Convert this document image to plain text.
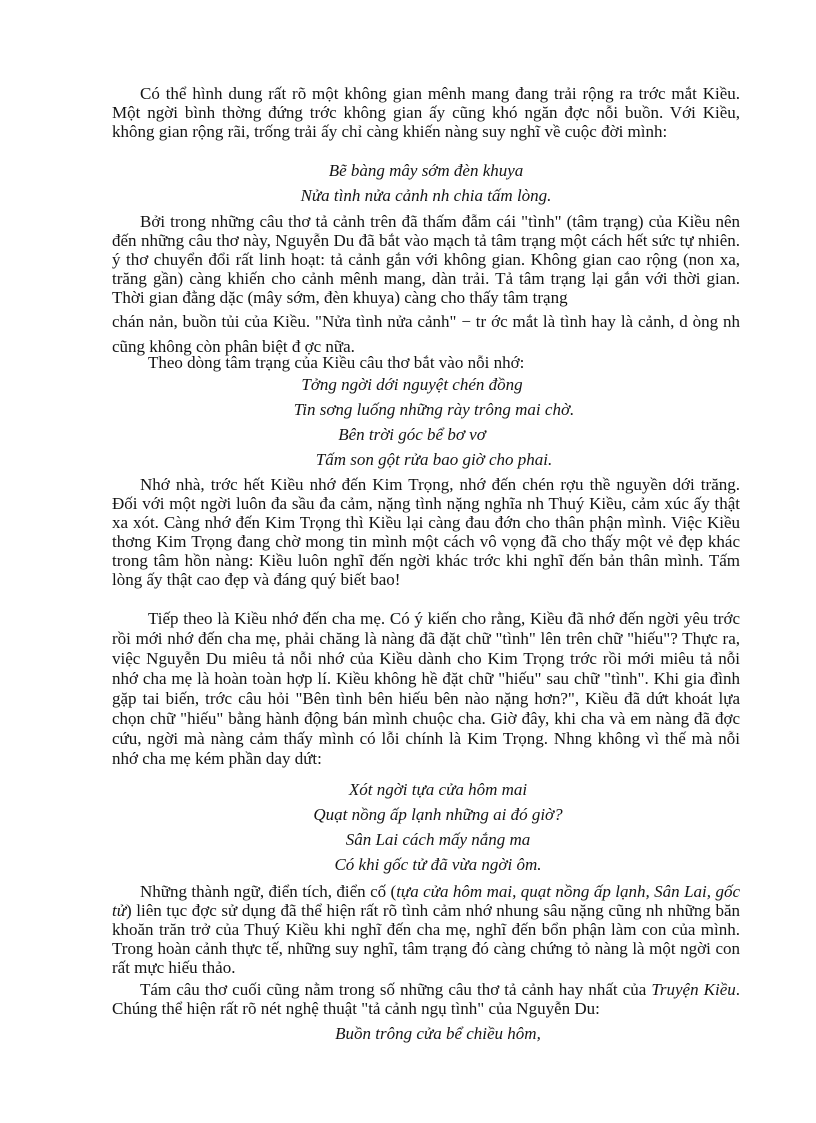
Có thể hình dung rất rõ một không gian mênh mang đang trải rộng ra trớc mắt Kiều. Một ngời bình thờng đứng trớc không gian ấy cũng khó ngăn đợc nỗi buồn. Với Kiều, không gian rộng rãi, trống trải ấy chỉ càng khiến nàng suy nghĩ về cuộc đời mình:

Bẽ bàng mây sớm đèn khuya
Nửa tình nửa cảnh nh chia tấm lòng.

Bởi trong những câu thơ tả cảnh trên đã thấm đẫm cái "tình" (tâm trạng) của Kiều nên đến những câu thơ này, Nguyễn Du đã bắt vào mạch tả tâm trạng một cách hết sức tự nhiên. ý thơ chuyển đổi rất linh hoạt: tả cảnh gắn với không gian. Không gian cao rộng (non xa, trăng gần) càng khiến cho cảnh mênh mang, dàn trải. Tả tâm trạng lại gắn với thời gian. Thời gian đằng dặc (mây sớm, đèn khuya) càng cho thấy tâm trạng

chán nản, buồn tủi của Kiều. "Nửa tình nửa cảnh" − tr ớc mắt là tình hay là cảnh, d òng nh cũng không còn phân biệt đ ợc nữa.

Theo dòng tâm trạng của Kiều câu thơ bắt vào nỗi nhớ:

Tởng ngời dới nguyệt chén đồng
Tin sơng luống những rày trông mai chờ.
Bên trời góc bể bơ vơ
Tấm son gột rửa bao giờ cho phai.

Nhớ nhà, trớc hết Kiều nhớ đến Kim Trọng, nhớ đến chén rợu thề nguyền dới trăng. Đối với một ngời luôn đa sầu đa cảm, nặng tình nặng nghĩa nh Thuý Kiều, cảm xúc ấy thật xa xót. Càng nhớ đến Kim Trọng thì Kiều lại càng đau đớn cho thân phận mình. Việc Kiều thơng Kim Trọng đang chờ mong tin mình một cách vô vọng đã cho thấy một vẻ đẹp khác trong tâm hồn nàng: Kiều luôn nghĩ đến ngời khác trớc khi nghĩ đến bản thân mình. Tấm lòng ấy thật cao đẹp và đáng quý biết bao!

Tiếp theo là Kiều nhớ đến cha mẹ. Có ý kiến cho rằng, Kiều đã nhớ đến ngời yêu trớc rồi mới nhớ đến cha mẹ, phải chăng là nàng đã đặt chữ "tình" lên trên chữ "hiếu"? Thực ra, việc Nguyễn Du miêu tả nỗi nhớ của Kiều dành cho Kim Trọng trớc rồi mới miêu tả nỗi nhớ cha mẹ là hoàn toàn hợp lí. Kiều không hề đặt chữ "hiếu" sau chữ "tình". Khi gia đình gặp tai biến, trớc câu hỏi "Bên tình bên hiếu bên nào nặng hơn?", Kiều đã dứt khoát lựa chọn chữ "hiếu" bằng hành động bán mình chuộc cha. Giờ đây, khi cha và em nàng đã đợc cứu, ngời mà nàng cảm thấy mình có lỗi chính là Kim Trọng. Nhng không vì thế mà nỗi nhớ cha mẹ kém phần day dứt:

Xót ngời tựa cửa hôm mai
Quạt nồng ấp lạnh những ai đó giờ?
Sân Lai cách mấy nắng ma
Có khi gốc tử đã vừa ngời ôm.

Những thành ngữ, điển tích, điển cố (tựa cửa hôm mai, quạt nồng ấp lạnh, Sân Lai, gốc tử) liên tục đợc sử dụng đã thể hiện rất rõ tình cảm nhớ nhung sâu nặng cũng nh những băn khoăn trăn trở của Thuý Kiều khi nghĩ đến cha mẹ, nghĩ đến bổn phận làm con của mình. Trong hoàn cảnh thực tế, những suy nghĩ, tâm trạng đó càng chứng tỏ nàng là một ngời con rất mực hiếu thảo.

Tám câu thơ cuối cũng nằm trong số những câu thơ tả cảnh hay nhất của Truyện Kiều. Chúng thể hiện rất rõ nét nghệ thuật "tả cảnh ngụ tình" của Nguyễn Du:

Buồn trông cửa bể chiều hôm,
